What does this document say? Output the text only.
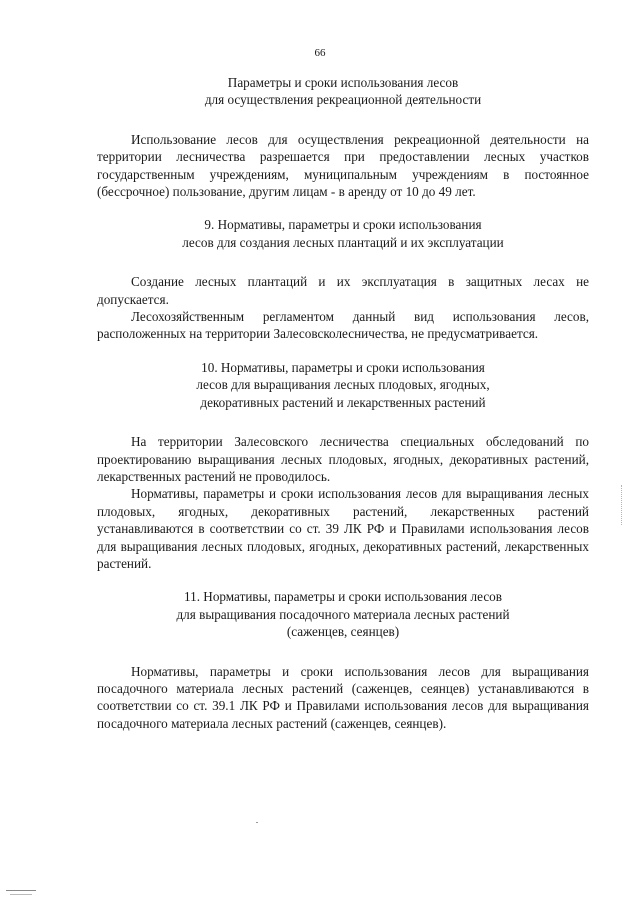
66
Параметры и сроки использования лесов
для осуществления рекреационной деятельности

Использование лесов для осуществления рекреационной деятельности на территории лесничества разрешается при предоставлении лесных участков государственным учреждениям, муниципальным учреждениям в постоянное (бессрочное) пользование, другим лицам - в аренду от 10 до 49 лет.

9. Нормативы, параметры и сроки использования
лесов для создания лесных плантаций и их эксплуатации

Создание лесных плантаций и их эксплуатация в защитных лесах не допускается.

Лесохозяйственным регламентом данный вид использования лесов, расположенных на территории Залесовсколесничества, не предусматривается.

10. Нормативы, параметры и сроки использования
лесов для выращивания лесных плодовых, ягодных,
декоративных растений и лекарственных растений

На территории Залесовского лесничества специальных обследований по проектированию выращивания лесных плодовых, ягодных, декоративных растений, лекарственных растений не проводилось.

Нормативы, параметры и сроки использования лесов для выращивания лесных плодовых, ягодных, декоративных растений, лекарственных растений устанавливаются в соответствии со ст. 39 ЛК РФ и Правилами использования лесов для выращивания лесных плодовых, ягодных, декоративных растений, лекарственных растений.

11. Нормативы, параметры и сроки использования лесов
для выращивания посадочного материала лесных растений
(саженцев, сеянцев)

Нормативы, параметры и сроки использования лесов для выращивания посадочного материала лесных растений (саженцев, сеянцев) устанавливаются в соответствии со ст. 39.1 ЛК РФ и Правилами использования лесов для выращивания посадочного материала лесных растений (саженцев, сеянцев).
